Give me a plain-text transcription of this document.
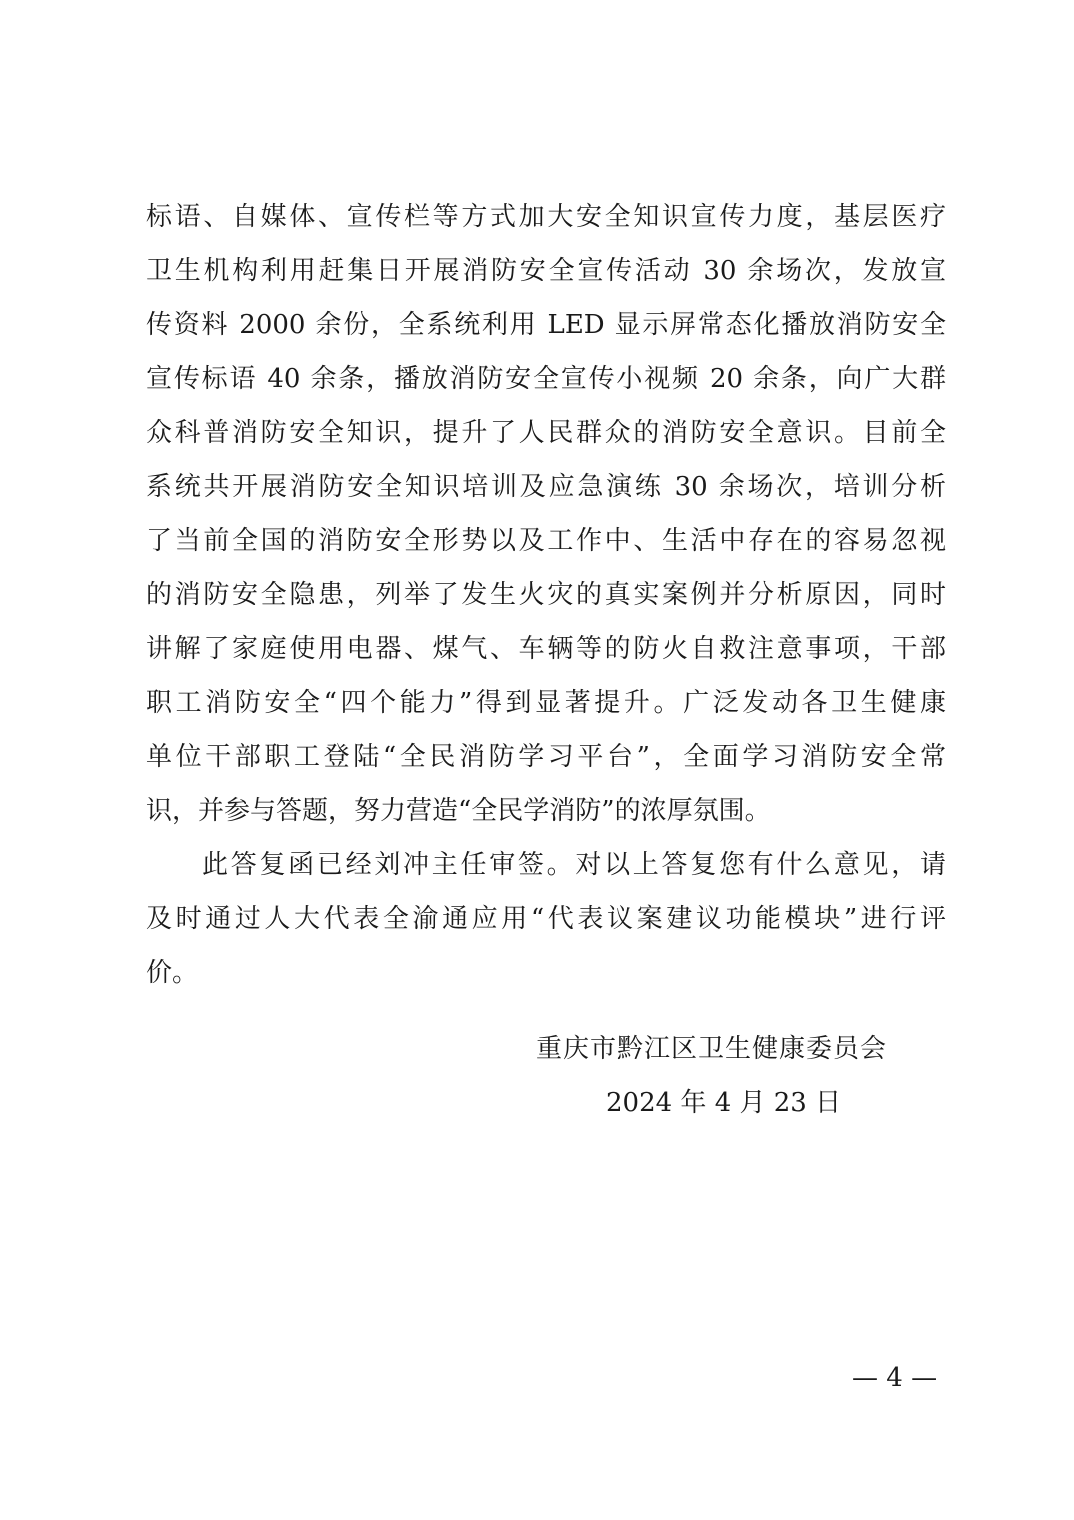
标语、自媒体、宣传栏等方式加大安全知识宣传力度，基层医疗
卫生机构利用赶集日开展消防安全宣传活动 30 余场次，发放宣
传资料 2000 余份，全系统利用 LED 显示屏常态化播放消防安全
宣传标语 40 余条，播放消防安全宣传小视频 20 余条，向广大群
众科普消防安全知识，提升了人民群众的消防安全意识。目前全
系统共开展消防安全知识培训及应急演练 30 余场次，培训分析
了当前全国的消防安全形势以及工作中、生活中存在的容易忽视
的消防安全隐患，列举了发生火灾的真实案例并分析原因，同时
讲解了家庭使用电器、煤气、车辆等的防火自救注意事项，干部
职工消防安全“四个能力”得到显著提升。广泛发动各卫生健康
单位干部职工登陆“全民消防学习平台”，全面学习消防安全常
识，并参与答题，努力营造“全民学消防”的浓厚氛围。
此答复函已经刘冲主任审签。对以上答复您有什么意见，请
及时通过人大代表全渝通应用“代表议案建议功能模块”进行评
价。
重庆市黔江区卫生健康委员会
2024 年 4 月 23 日
— 4 —
